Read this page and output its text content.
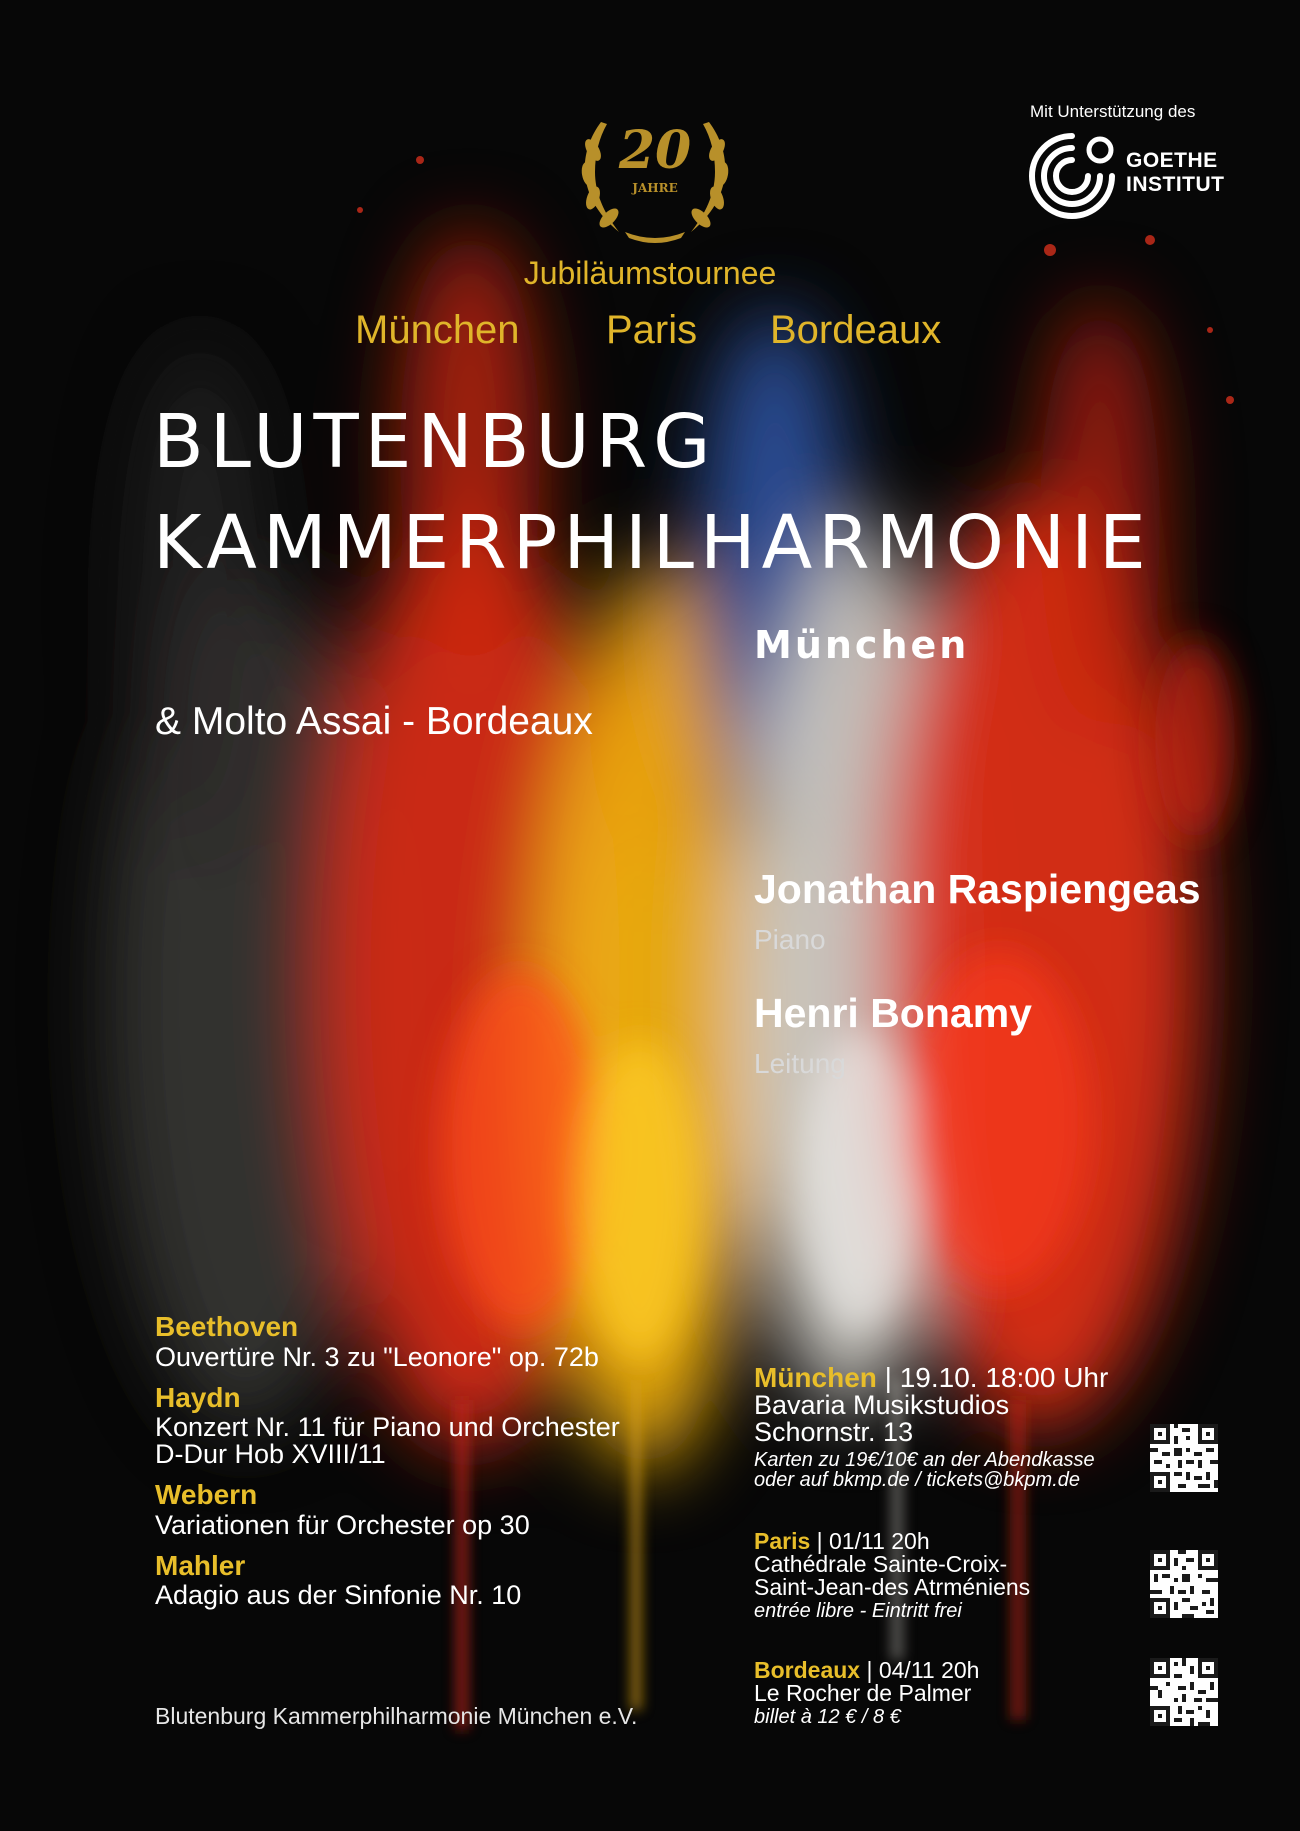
20
JAHRE
Jubiläumstournee
München Paris Bordeaux
Mit Unterstützung des
GOETHE
INSTITUT
BLUTENBURG
KAMMERPHILHARMONIE
München
& Molto Assai - Bordeaux
Jonathan Raspiengeas
Piano
Henri Bonamy
Leitung
Beethoven
Ouvertüre Nr. 3 zu "Leonore" op. 72b
Haydn
Konzert Nr. 11 für Piano und Orchester
D-Dur Hob XVIII/11
Webern
Variationen für Orchester op 30
Mahler
Adagio aus der Sinfonie Nr. 10
Blutenburg Kammerphilharmonie München e.V.
München | 19.10. 18:00 Uhr
Bavaria Musikstudios
Schornstr. 13
Karten zu 19€/10€ an der Abendkasse
oder auf bkmp.de / tickets@bkpm.de
Paris | 01/11 20h
Cathédrale Sainte-Croix-
Saint-Jean-des Atrméniens
entrée libre - Eintritt frei
Bordeaux | 04/11 20h
Le Rocher de Palmer
billet à 12 € / 8 €
